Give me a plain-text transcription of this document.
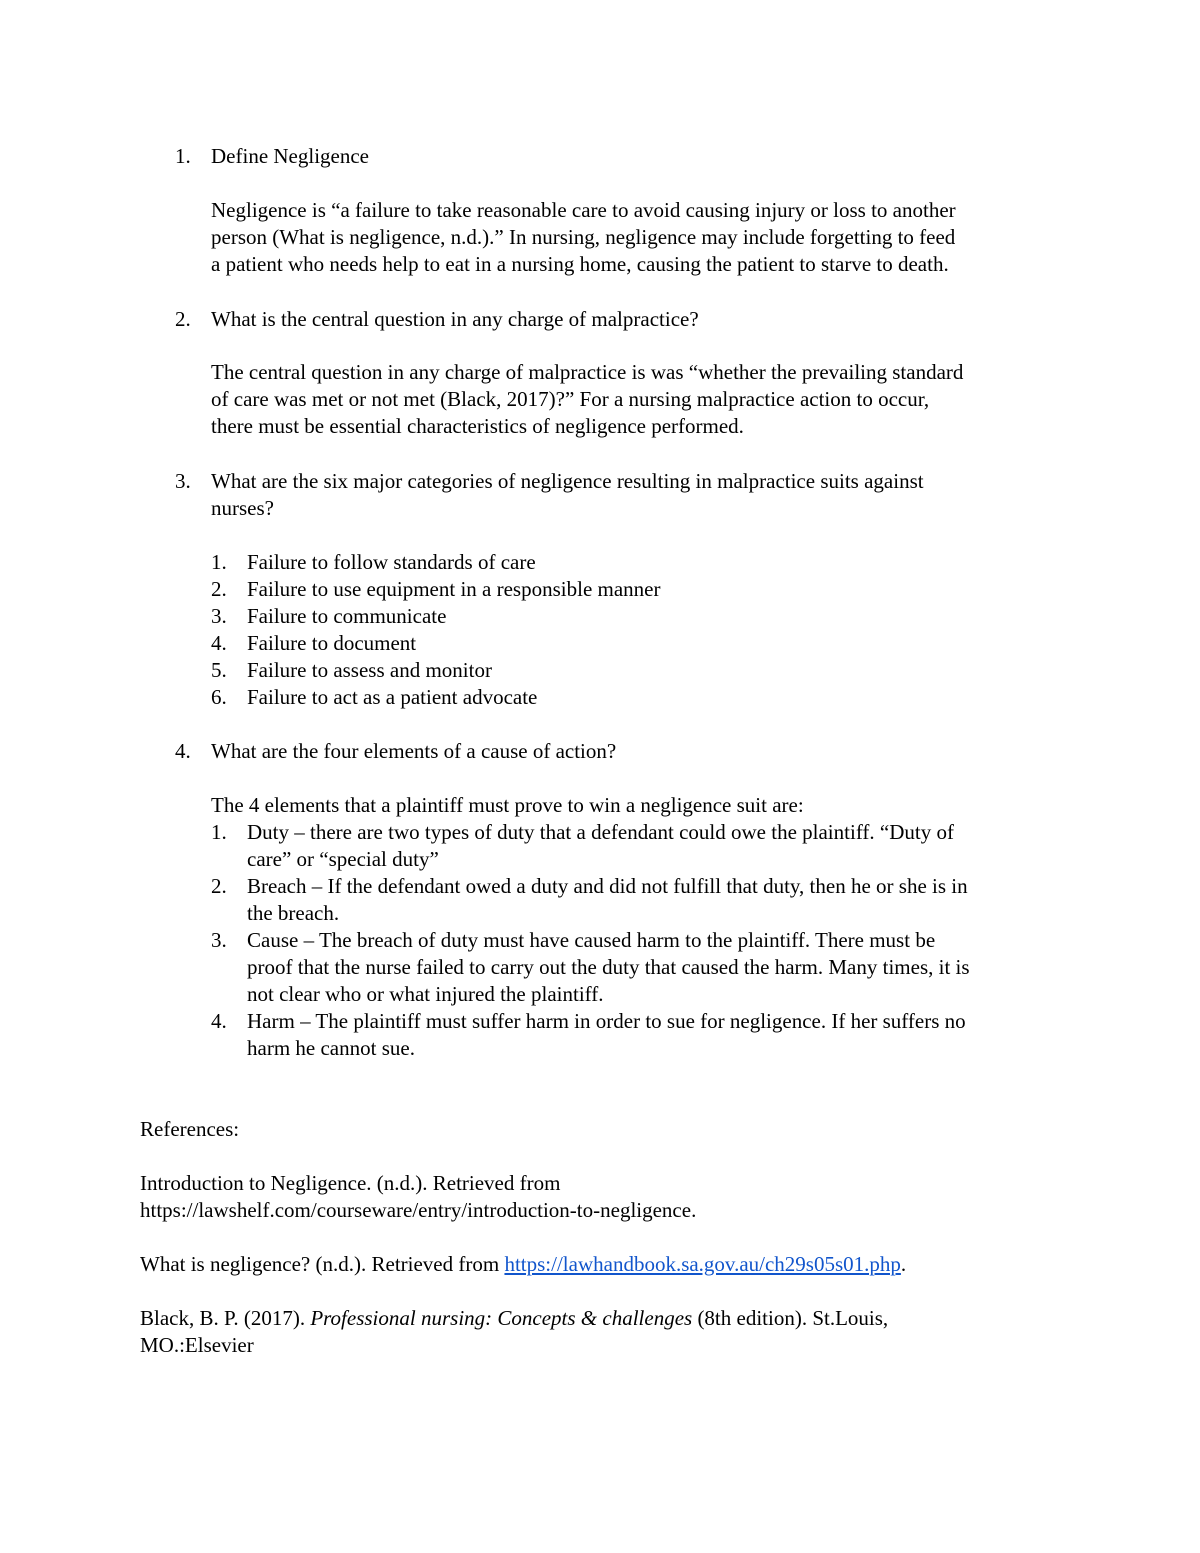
1. Define Negligence
Negligence is “a failure to take reasonable care to avoid causing injury or loss to another
person (What is negligence, n.d.).” In nursing, negligence may include forgetting to feed
a patient who needs help to eat in a nursing home, causing the patient to starve to death.
2. What is the central question in any charge of malpractice?
The central question in any charge of malpractice is was “whether the prevailing standard
of care was met or not met (Black, 2017)?” For a nursing malpractice action to occur,
there must be essential characteristics of negligence performed.
3. What are the six major categories of negligence resulting in malpractice suits against
nurses?
1. Failure to follow standards of care
2. Failure to use equipment in a responsible manner
3. Failure to communicate
4. Failure to document
5. Failure to assess and monitor
6. Failure to act as a patient advocate
4. What are the four elements of a cause of action?
The 4 elements that a plaintiff must prove to win a negligence suit are:
1. Duty – there are two types of duty that a defendant could owe the plaintiff. “Duty of
care” or “special duty”
2. Breach – If the defendant owed a duty and did not fulfill that duty, then he or she is in
the breach.
3. Cause – The breach of duty must have caused harm to the plaintiff. There must be
proof that the nurse failed to carry out the duty that caused the harm. Many times, it is
not clear who or what injured the plaintiff.
4. Harm – The plaintiff must suffer harm in order to sue for negligence. If her suffers no
harm he cannot sue.
References:
Introduction to Negligence. (n.d.). Retrieved from
https://lawshelf.com/courseware/entry/introduction-to-negligence.
What is negligence? (n.d.). Retrieved from https://lawhandbook.sa.gov.au/ch29s05s01.php.
Black, B. P. (2017). Professional nursing: Concepts & challenges (8th edition). St.Louis,
MO.:Elsevier
